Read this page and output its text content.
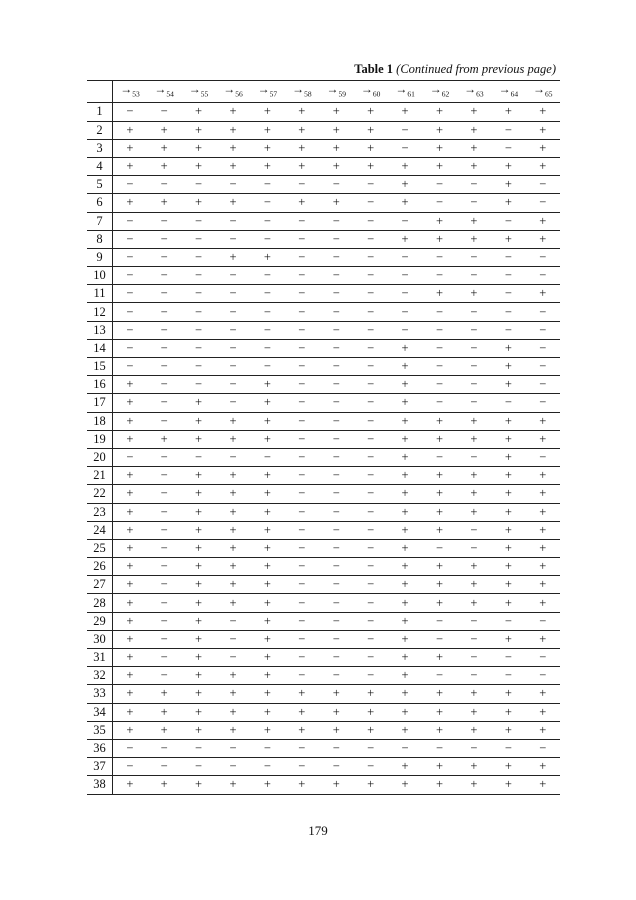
Table 1 (Continued from previous page)
	$\to_{53}$	$\to_{54}$	$\to_{55}$	$\to_{56}$	$\to_{57}$	$\to_{58}$	$\to_{59}$	$\to_{60}$	$\to_{61}$	$\to_{62}$	$\to_{63}$	$\to_{64}$	$\to_{65}$
1	−	−	+	+	+	+	+	+	+	+	+	+	+
2	+	+	+	+	+	+	+	+	−	+	+	−	+
3	+	+	+	+	+	+	+	+	−	+	+	−	+
4	+	+	+	+	+	+	+	+	+	+	+	+	+
5	−	−	−	−	−	−	−	−	+	−	−	+	−
6	+	+	+	+	−	+	+	−	+	−	−	+	−
7	−	−	−	−	−	−	−	−	−	+	+	−	+
8	−	−	−	−	−	−	−	−	+	+	+	+	+
9	−	−	−	+	+	−	−	−	−	−	−	−	−
10	−	−	−	−	−	−	−	−	−	−	−	−	−
11	−	−	−	−	−	−	−	−	−	+	+	−	+
12	−	−	−	−	−	−	−	−	−	−	−	−	−
13	−	−	−	−	−	−	−	−	−	−	−	−	−
14	−	−	−	−	−	−	−	−	+	−	−	+	−
15	−	−	−	−	−	−	−	−	+	−	−	+	−
16	+	−	−	−	+	−	−	−	+	−	−	+	−
17	+	−	+	−	+	−	−	−	+	−	−	−	−
18	+	−	+	+	+	−	−	−	+	+	+	+	+
19	+	+	+	+	+	−	−	−	+	+	+	+	+
20	−	−	−	−	−	−	−	−	+	−	−	+	−
21	+	−	+	+	+	−	−	−	+	+	+	+	+
22	+	−	+	+	+	−	−	−	+	+	+	+	+
23	+	−	+	+	+	−	−	−	+	+	+	+	+
24	+	−	+	+	+	−	−	−	+	+	−	+	+
25	+	−	+	+	+	−	−	−	+	−	−	+	+
26	+	−	+	+	+	−	−	−	+	+	+	+	+
27	+	−	+	+	+	−	−	−	+	+	+	+	+
28	+	−	+	+	+	−	−	−	+	+	+	+	+
29	+	−	+	−	+	−	−	−	+	−	−	−	−
30	+	−	+	−	+	−	−	−	+	−	−	+	+
31	+	−	+	−	+	−	−	−	+	+	−	−	−
32	+	−	+	+	+	−	−	−	+	−	−	−	−
33	+	+	+	+	+	+	+	+	+	+	+	+	+
34	+	+	+	+	+	+	+	+	+	+	+	+	+
35	+	+	+	+	+	+	+	+	+	+	+	+	+
36	−	−	−	−	−	−	−	−	−	−	−	−	−
37	−	−	−	−	−	−	−	−	+	+	+	+	+
38	+	+	+	+	+	+	+	+	+	+	+	+	+
179
